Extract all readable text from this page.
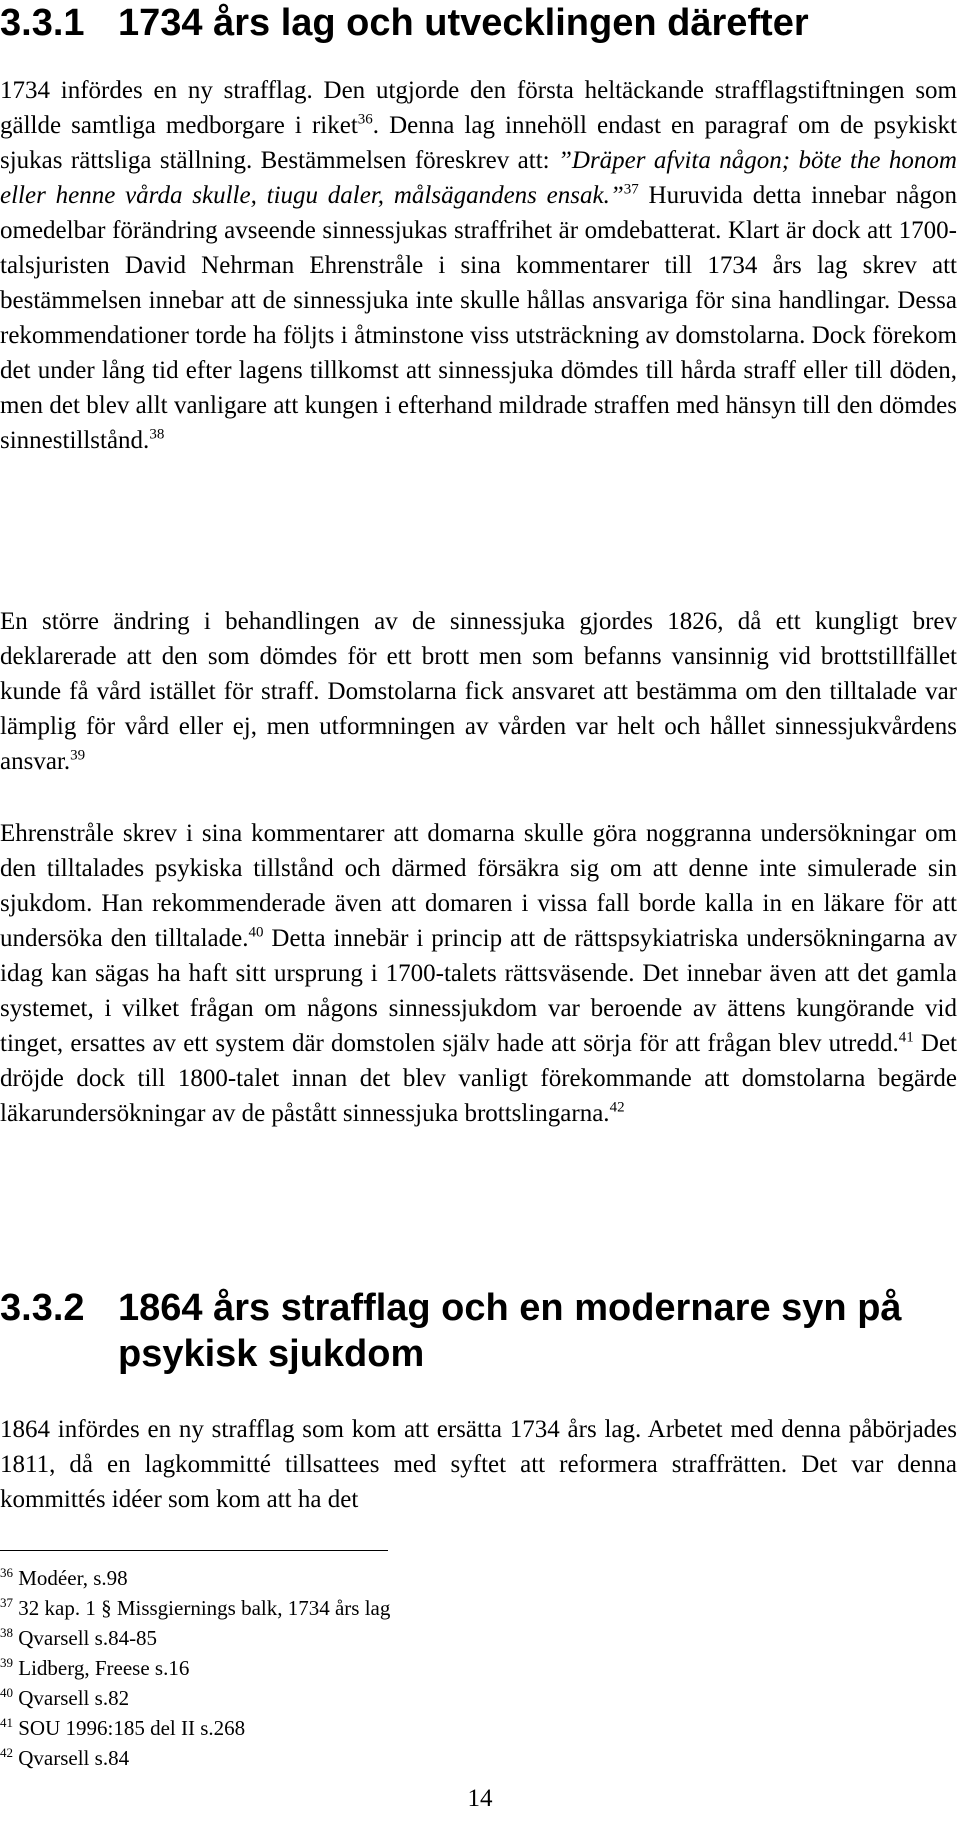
3.3.1 1734 års lag och utvecklingen därefter

1734 infördes en ny strafflag. Den utgjorde den första heltäckande strafflagstiftningen som gällde samtliga medborgare i riket$^{36}$. Denna lag innehöll endast en paragraf om de psykiskt sjukas rättsliga ställning. Bestämmelsen föreskrev att: ”Dräper afvita någon; böte the honom eller henne vårda skulle, tiugu daler, målsägandens ensak.”$^{37}$ Huruvida detta innebar någon omedelbar förändring avseende sinnessjukas straffrihet är omdebatterat. Klart är dock att 1700-talsjuristen David Nehrman Ehrenstråle i sina kommentarer till 1734 års lag skrev att bestämmelsen innebar att de sinnessjuka inte skulle hållas ansvariga för sina handlingar. Dessa rekommendationer torde ha följts i åtminstone viss utsträckning av domstolarna. Dock förekom det under lång tid efter lagens tillkomst att sinnessjuka dömdes till hårda straff eller till döden, men det blev allt vanligare att kungen i efterhand mildrade straffen med hänsyn till den dömdes sinnestillstånd.$^{38}$

En större ändring i behandlingen av de sinnessjuka gjordes 1826, då ett kungligt brev deklarerade att den som dömdes för ett brott men som befanns vansinnig vid brottstillfället kunde få vård istället för straff. Domstolarna fick ansvaret att bestämma om den tilltalade var lämplig för vård eller ej, men utformningen av vården var helt och hållet sinnessjukvårdens ansvar.$^{39}$

Ehrenstråle skrev i sina kommentarer att domarna skulle göra noggranna undersökningar om den tilltalades psykiska tillstånd och därmed försäkra sig om att denne inte simulerade sin sjukdom. Han rekommenderade även att domaren i vissa fall borde kalla in en läkare för att undersöka den tilltalade.$^{40}$ Detta innebär i princip att de rättspsykiatriska undersökningarna av idag kan sägas ha haft sitt ursprung i 1700-talets rättsväsende. Det innebar även att det gamla systemet, i vilket frågan om någons sinnessjukdom var beroende av ättens kungörande vid tinget, ersattes av ett system där domstolen själv hade att sörja för att frågan blev utredd.$^{41}$ Det dröjde dock till 1800-talet innan det blev vanligt förekommande att domstolarna begärde läkarundersökningar av de påstått sinnessjuka brottslingarna.$^{42}$

3.3.2 1864 års strafflag och en modernare syn på psykisk sjukdom

1864 infördes en ny strafflag som kom att ersätta 1734 års lag. Arbetet med denna påbörjades 1811, då en lagkommitté tillsattees med syftet att reformera straffrätten. Det var denna kommittés idéer som kom att ha det

$^{36}$ Modéer, s.98
$^{37}$ 32 kap. 1 § Missgiernings balk, 1734 års lag
$^{38}$ Qvarsell s.84-85
$^{39}$ Lidberg, Freese s.16
$^{40}$ Qvarsell s.82
$^{41}$ SOU 1996:185 del II s.268
$^{42}$ Qvarsell s.84
14
